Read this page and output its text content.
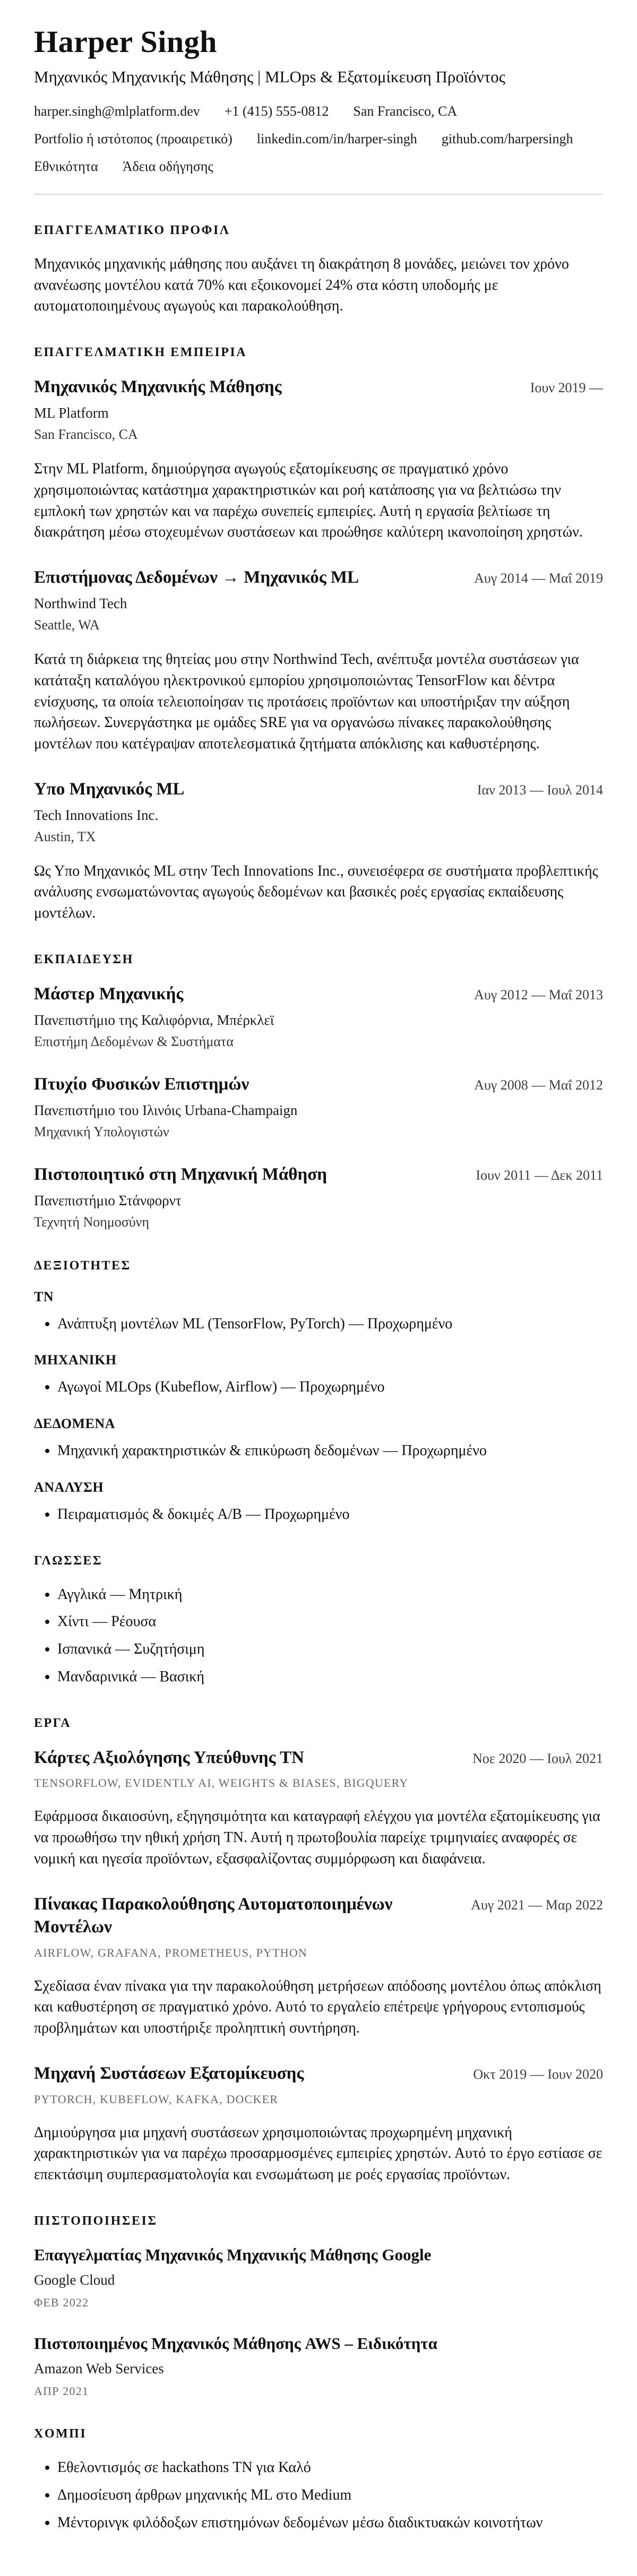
Harper Singh

Μηχανικός Μηχανικής Μάθησης | MLOps & Εξατομίκευση Προϊόντος

harper.singh@mlplatform.dev +1 (415) 555-0812 San Francisco, CA
Portfolio ή ιστότοπος (προαιρετικό) linkedin.com/in/harper-singh github.com/harpersingh
Εθνικότητα Άδεια οδήγησης
ΕΠΑΓΓΕΛΜΑΤΙΚΟ ΠΡΟΦΙΛ

Μηχανικός μηχανικής μάθησης που αυξάνει τη διακράτηση 8 μονάδες, μειώνει τον χρόνο ανανέωσης μοντέλου κατά 70% και εξοικονομεί 24% στα κόστη υποδομής με αυτοματοποιημένους αγωγούς και παρακολούθηση.

ΕΠΑΓΓΕΛΜΑΤΙΚΗ ΕΜΠΕΙΡΙΑ
Μηχανικός Μηχανικής Μάθησης	Ιουν 2019 —
ML Platform
San Francisco, CA

Στην ML Platform, δημιούργησα αγωγούς εξατομίκευσης σε πραγματικό χρόνο χρησιμοποιώντας κατάστημα χαρακτηριστικών και ροή κατάποσης για να βελτιώσω την εμπλοκή των χρηστών και να παρέχω συνεπείς εμπειρίες. Αυτή η εργασία βελτίωσε τη διακράτηση μέσω στοχευμένων συστάσεων και προώθησε καλύτερη ικανοποίηση χρηστών.

Επιστήμονας Δεδομένων → Μηχανικός ML	Αυγ 2014 — Μαΐ 2019
Northwind Tech
Seattle, WA

Κατά τη διάρκεια της θητείας μου στην Northwind Tech, ανέπτυξα μοντέλα συστάσεων για κατάταξη καταλόγου ηλεκτρονικού εμπορίου χρησιμοποιώντας TensorFlow και δέντρα ενίσχυσης, τα οποία τελειοποίησαν τις προτάσεις προϊόντων και υποστήριξαν την αύξηση πωλήσεων. Συνεργάστηκα με ομάδες SRE για να οργανώσω πίνακες παρακολούθησης μοντέλων που κατέγραψαν αποτελεσματικά ζητήματα απόκλισης και καθυστέρησης.

Υπο Μηχανικός ML	Ιαν 2013 — Ιουλ 2014
Tech Innovations Inc.
Austin, TX

Ως Υπο Μηχανικός ML στην Tech Innovations Inc., συνεισέφερα σε συστήματα προβλεπτικής ανάλυσης ενσωματώνοντας αγωγούς δεδομένων και βασικές ροές εργασίας εκπαίδευσης μοντέλων.

ΕΚΠΑΙΔΕΥΣΗ
Μάστερ Μηχανικής	Αυγ 2012 — Μαΐ 2013
Πανεπιστήμιο της Καλιφόρνια, Μπέρκλεϊ
Επιστήμη Δεδομένων & Συστήματα
Πτυχίο Φυσικών Επιστημών	Αυγ 2008 — Μαΐ 2012
Πανεπιστήμιο του Ιλινόις Urbana-Champaign
Μηχανική Υπολογιστών
Πιστοποιητικό στη Μηχανική Μάθηση	Ιουν 2011 — Δεκ 2011
Πανεπιστήμιο Στάνφορντ
Τεχνητή Νοημοσύνη
ΔΕΞΙΟΤΗΤΕΣ
ΤΝ
• Ανάπτυξη μοντέλων ML (TensorFlow, PyTorch) — Προχωρημένο
ΜΗΧΑΝΙΚΗ
• Αγωγοί MLOps (Kubeflow, Airflow) — Προχωρημένο
ΔΕΔΟΜΕΝΑ
• Μηχανική χαρακτηριστικών & επικύρωση δεδομένων — Προχωρημένο
ΑΝΑΛΥΣΗ
• Πειραματισμός & δοκιμές A/B — Προχωρημένο
ΓΛΩΣΣΕΣ
• Αγγλικά — Μητρική
• Χίντι — Ρέουσα
• Ισπανικά — Συζητήσιμη
• Μανδαρινικά — Βασική
ΕΡΓΑ
Κάρτες Αξιολόγησης Υπεύθυνης ΤΝ	Νοε 2020 — Ιουλ 2021
TENSORFLOW, EVIDENTLY AI, WEIGHTS & BIASES, BIGQUERY

Εφάρμοσα δικαιοσύνη, εξηγησιμότητα και καταγραφή ελέγχου για μοντέλα εξατομίκευσης για να προωθήσω την ηθική χρήση ΤΝ. Αυτή η πρωτοβουλία παρείχε τριμηνιαίες αναφορές σε νομική και ηγεσία προϊόντων, εξασφαλίζοντας συμμόρφωση και διαφάνεια.

Πίνακας Παρακολούθησης Αυτοματοποιημένων Μοντέλων
Αυγ 2021 — Μαρ 2022
AIRFLOW, GRAFANA, PROMETHEUS, PYTHON

Σχεδίασα έναν πίνακα για την παρακολούθηση μετρήσεων απόδοσης μοντέλου όπως απόκλιση και καθυστέρηση σε πραγματικό χρόνο. Αυτό το εργαλείο επέτρεψε γρήγορους εντοπισμούς προβλημάτων και υποστήριξε προληπτική συντήρηση.

Μηχανή Συστάσεων Εξατομίκευσης	Οκτ 2019 — Ιουν 2020
PYTORCH, KUBEFLOW, KAFKA, DOCKER

Δημιούργησα μια μηχανή συστάσεων χρησιμοποιώντας προχωρημένη μηχανική χαρακτηριστικών για να παρέχω προσαρμοσμένες εμπειρίες χρηστών. Αυτό το έργο εστίασε σε επεκτάσιμη συμπερασματολογία και ενσωμάτωση με ροές εργασίας προϊόντων.

ΠΙΣΤΟΠΟΙΗΣΕΙΣ
Επαγγελματίας Μηχανικός Μηχανικής Μάθησης Google
Google Cloud
ΦΕΒ 2022
Πιστοποιημένος Μηχανικός Μάθησης AWS – Ειδικότητα
Amazon Web Services
ΑΠΡ 2021
ΧΟΜΠΙ
• Εθελοντισμός σε hackathons ΤΝ για Καλό
• Δημοσίευση άρθρων μηχανικής ML στο Medium
• Μέντορινγκ φιλόδοξων επιστημόνων δεδομένων μέσω διαδικτυακών κοινοτήτων
